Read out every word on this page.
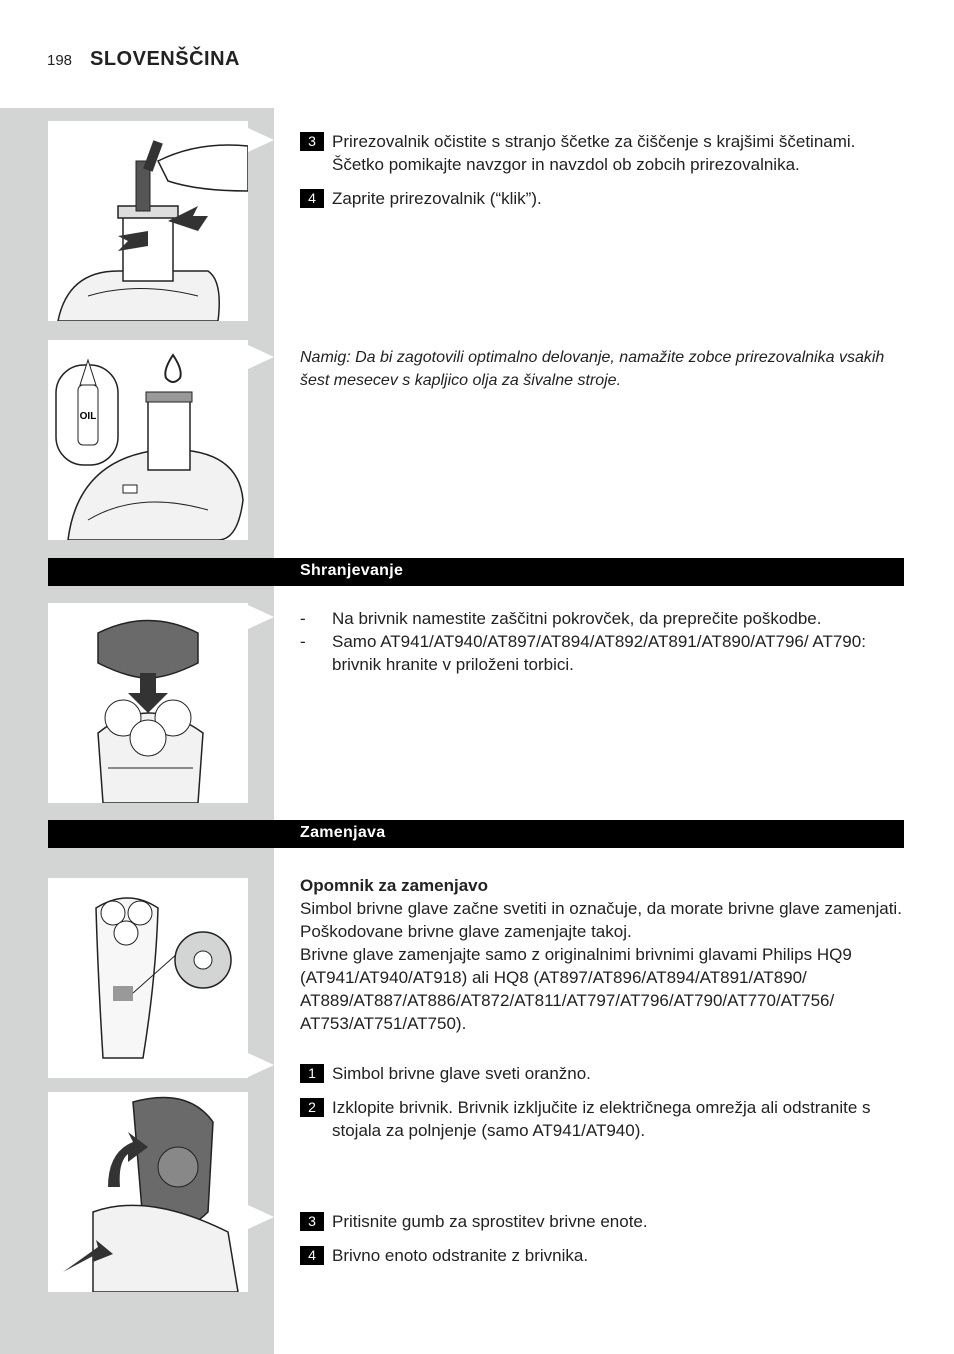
198 SLOVENŠČINA
OIL
3 Prirezovalnik očistite s stranjo ščetke za čiščenje s krajšimi ščetinami. Ščetko pomikajte navzgor in navzdol ob zobcih prirezovalnika.
4 Zaprite prirezovalnik (“klik”).
Namig: Da bi zagotovili optimalno delovanje, namažite zobce prirezovalnika vsakih šest mesecev s kapljico olja za šivalne stroje.
Shranjevanje
- Na brivnik namestite zaščitni pokrovček, da preprečite poškodbe.
- Samo AT941/AT940/AT897/AT894/AT892/AT891/AT890/AT796/ AT790: brivnik hranite v priloženi torbici.
Zamenjava
Opomnik za zamenjavo
Simbol brivne glave začne svetiti in označuje, da morate brivne glave zamenjati. Poškodovane brivne glave zamenjajte takoj.
Brivne glave zamenjajte samo z originalnimi brivnimi glavami Philips HQ9 (AT941/AT940/AT918) ali HQ8 (AT897/AT896/AT894/AT891/AT890/ AT889/AT887/AT886/AT872/AT811/AT797/AT796/AT790/AT770/AT756/ AT753/AT751/AT750).
1 Simbol brivne glave sveti oranžno.
2 Izklopite brivnik. Brivnik izključite iz električnega omrežja ali odstranite s stojala za polnjenje (samo AT941/AT940).
3 Pritisnite gumb za sprostitev brivne enote.
4 Brivno enoto odstranite z brivnika.
